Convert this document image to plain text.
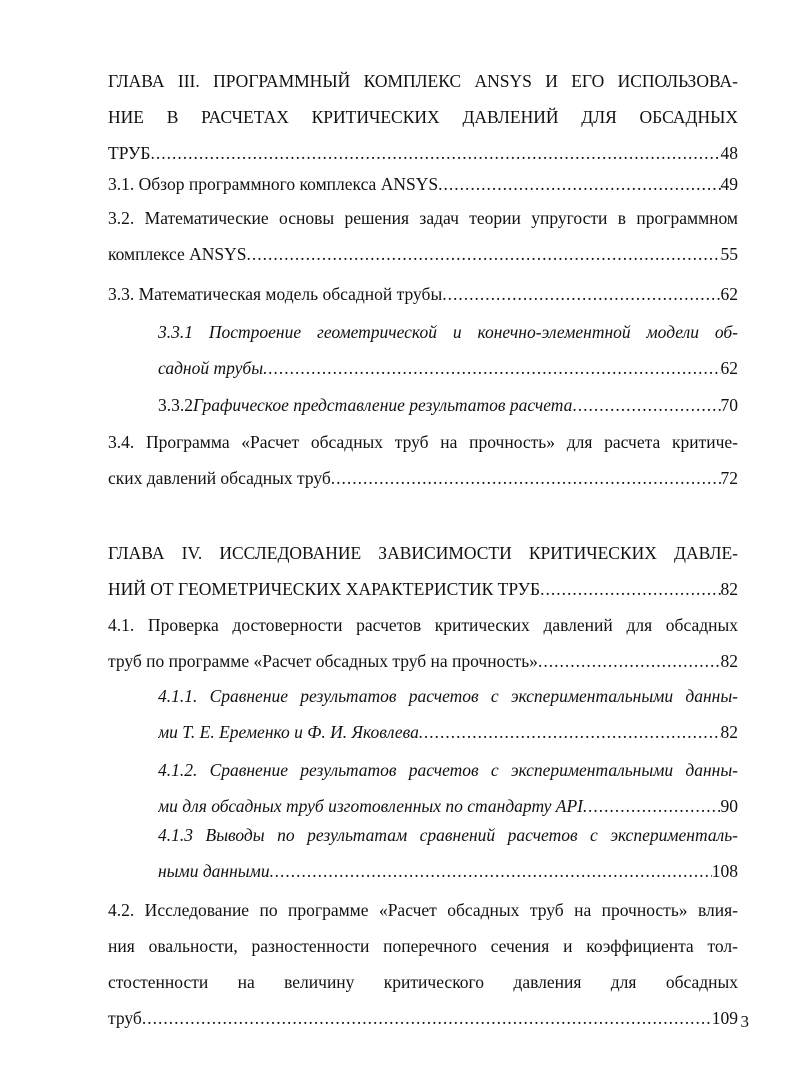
ГЛАВА III. ПРОГРАММНЫЙ КОМПЛЕКС ANSYS И ЕГО ИСПОЛЬЗОВА-
НИЕ В РАСЧЕТАХ КРИТИЧЕСКИХ ДАВЛЕНИЙ ДЛЯ ОБСАДНЫХ
ТРУБ .....	48
3.1. Обзор программного комплекса ANSYS .....	49
3.2. Математические основы решения задач теории упругости в программном
комплексе ANSYS .....	55
3.3. Математическая модель обсадной трубы .....	62
3.3.1 Построение геометрической и конечно-элементной модели об-
садной трубы .....	62
3.3.2 Графическое представление результатов расчета .....	70
3.4. Программа «Расчет обсадных труб на прочность» для расчета критиче-
ских давлений обсадных труб .....	72
ГЛАВА IV. ИССЛЕДОВАНИЕ ЗАВИСИМОСТИ КРИТИЧЕСКИХ ДАВЛЕ-
НИЙ ОТ ГЕОМЕТРИЧЕСКИХ ХАРАКТЕРИСТИК ТРУБ .....	82
4.1. Проверка достоверности расчетов критических давлений для обсадных
труб по программе «Расчет обсадных труб на прочность» .....	82
4.1.1. Сравнение результатов расчетов с экспериментальными данны-
ми Т. Е. Еременко и Ф. И. Яковлева .....	82
4.1.2. Сравнение результатов расчетов с экспериментальными данны-
ми для обсадных труб изготовленных по стандарту API .....	90
4.1.3 Выводы по результатам сравнений расчетов с эксперименталь-
ными данными .....	108
4.2. Исследование по программе «Расчет обсадных труб на прочность» влия-
ния овальности, разностенности поперечного сечения и коэффициента тол-
стостенности на величину критического давления для обсадных
труб .....	109 3
